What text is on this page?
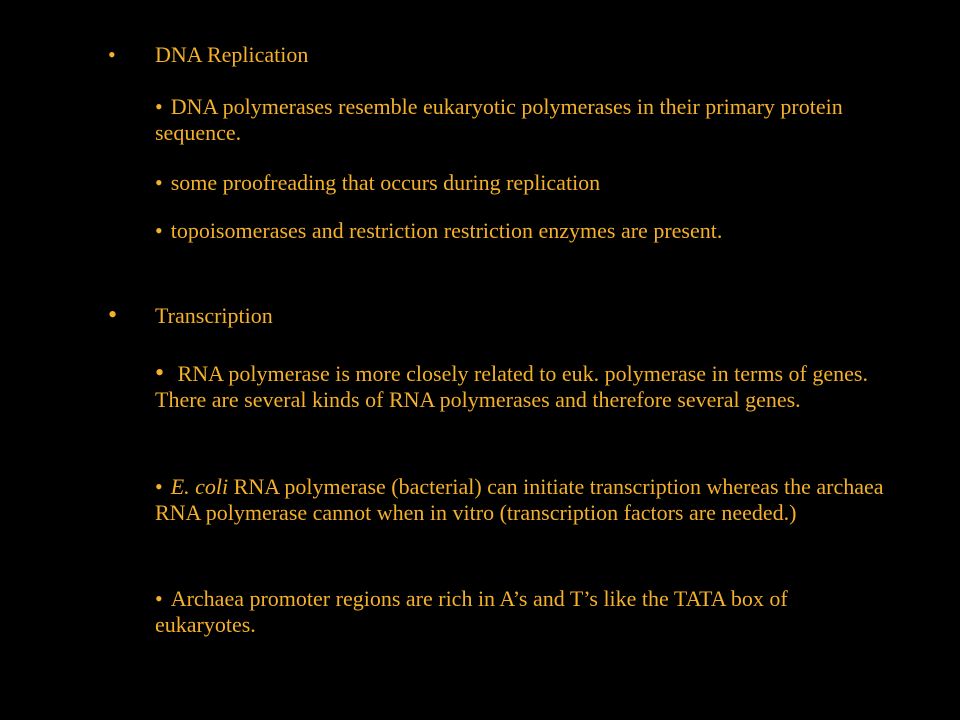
• DNA Replication
• DNA polymerases resemble eukaryotic polymerases in their primary protein sequence.
• some proofreading that occurs during replication
• topoisomerases and restriction restriction enzymes are present.
• Transcription
• RNA polymerase is more closely related to euk. polymerase in terms of genes. There are several kinds of RNA polymerases and therefore several genes.
• E. coli RNA polymerase (bacterial) can initiate transcription whereas the archaea RNA polymerase cannot when in vitro (transcription factors are needed.)
• Archaea promoter regions are rich in A’s and T’s like the TATA box of eukaryotes.
